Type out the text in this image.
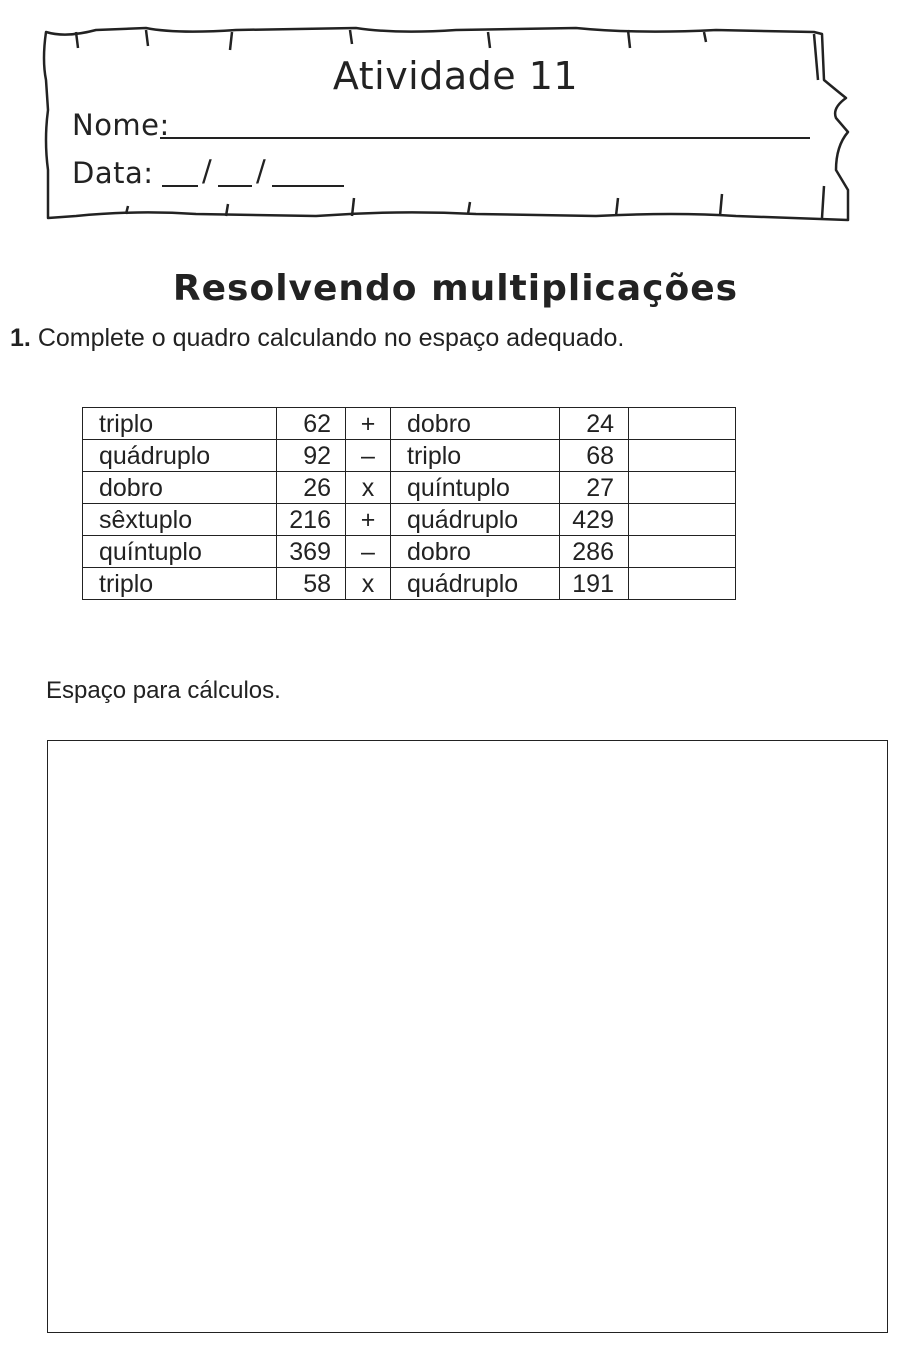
Atividade 11
Nome:
Data: / /
Resolvendo multiplicações
1. Complete o quadro calculando no espaço adequado.
triplo	62	+	dobro	24	
quádruplo	92	–	triplo	68	
dobro	26	x	quíntuplo	27	
sêxtuplo	216	+	quádruplo	429	
quíntuplo	369	–	dobro	286	
triplo	58	x	quádruplo	191	
Espaço para cálculos.
